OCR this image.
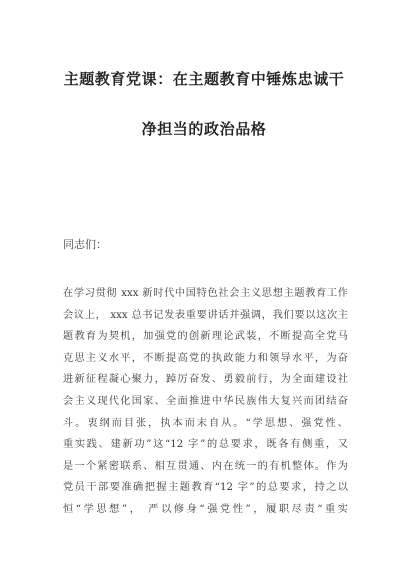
主题教育党课：在主题教育中锤炼忠诚干
净担当的政治品格
同志们：
在学习贯彻 xxx 新时代中国特色社会主义思想主题教育工作
会议上， xxx 总书记发表重要讲话并强调，我们要以这次主
题教育为契机，加强党的创新理论武装，不断提高全党马
克思主义水平，不断提高党的执政能力和领导水平，为奋
进新征程凝心聚力，踔厉奋发、勇毅前行，为全面建设社
会主义现代化国家、全面推进中华民族伟大复兴而团结奋
斗。衷纲而目张，执本而末自从。“学思想、强党性、
重实践、建新功”这“12 字”的总要求，既各有侧重，又
是一个紧密联系、相互贯通、内在统一的有机整体。作为
党员干部要准确把握主题教育“12 字”的总要求，持之以
恒“学思想”， 严以修身“强党性”，履职尽责“重实
